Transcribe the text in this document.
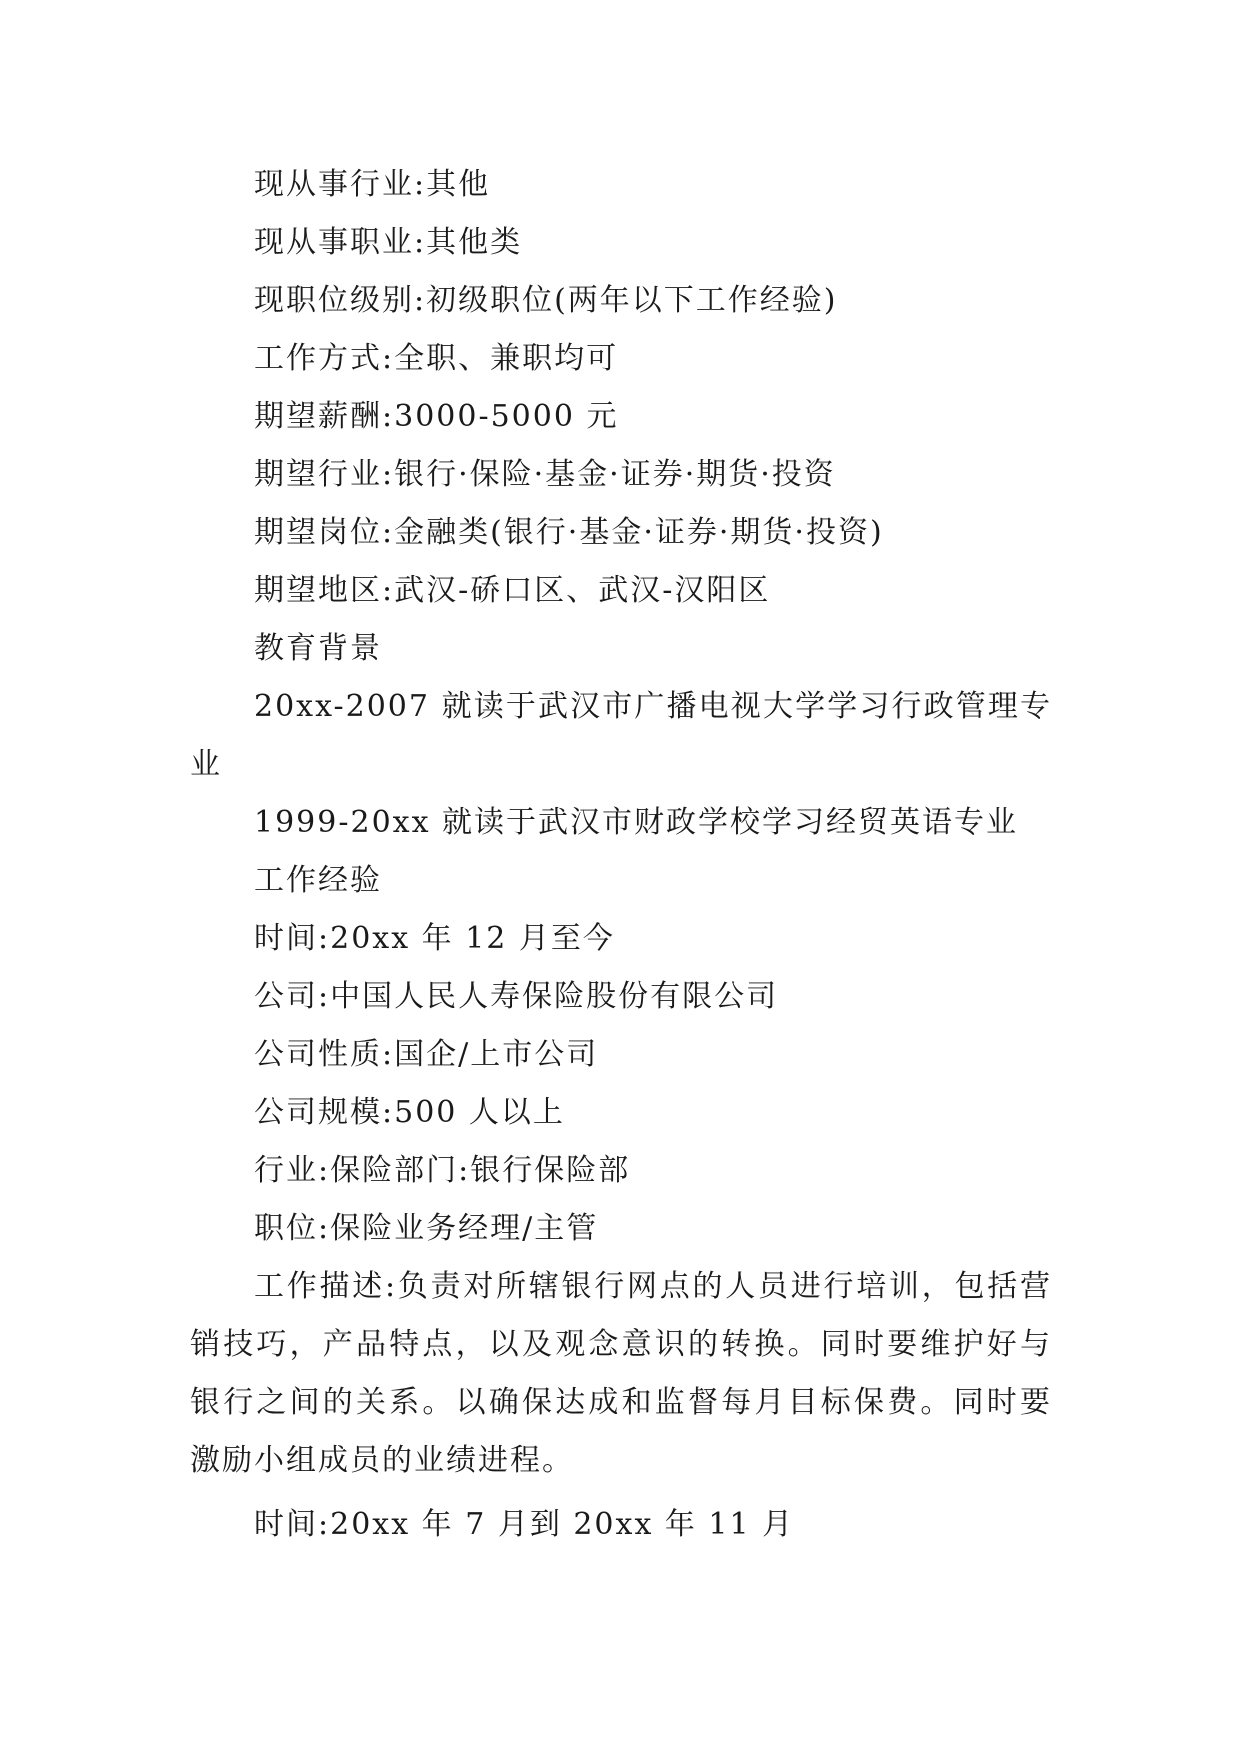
现从事行业:其他
现从事职业:其他类
现职位级别:初级职位(两年以下工作经验)
工作方式:全职、兼职均可
期望薪酬:3000-5000 元
期望行业:银行·保险·基金·证券·期货·投资
期望岗位:金融类(银行·基金·证券·期货·投资)
期望地区:武汉-硚口区、武汉-汉阳区
教育背景
20xx-2007 就读于武汉市广播电视大学学习行政管理专业
1999-20xx 就读于武汉市财政学校学习经贸英语专业
工作经验
时间:20xx 年 12 月至今
公司:中国人民人寿保险股份有限公司
公司性质:国企/上市公司
公司规模:500 人以上
行业:保险部门:银行保险部
职位:保险业务经理/主管
工作描述:负责对所辖银行网点的人员进行培训，包括营销技巧，产品特点，以及观念意识的转换。同时要维护好与银行之间的关系。以确保达成和监督每月目标保费。同时要激励小组成员的业绩进程。
时间:20xx 年 7 月到 20xx 年 11 月
